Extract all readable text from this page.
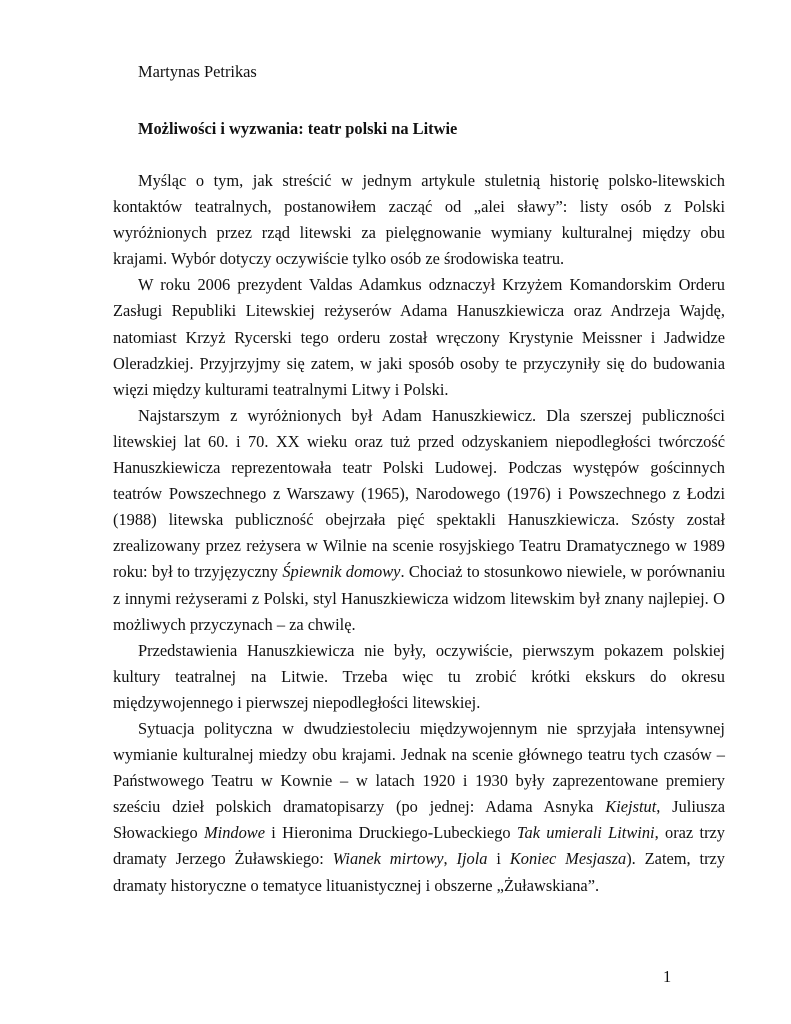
Martynas Petrikas
Możliwości i wyzwania: teatr polski na Litwie

Myśląc o tym, jak streścić w jednym artykule stuletnią historię polsko-litewskich kontaktów teatralnych, postanowiłem zacząć od „alei sławy”: listy osób z Polski wyróżnionych przez rząd litewski za pielęgnowanie wymiany kulturalnej między obu krajami. Wybór dotyczy oczywiście tylko osób ze środowiska teatru.

W roku 2006 prezydent Valdas Adamkus odznaczył Krzyżem Komandorskim Orderu Zasługi Republiki Litewskiej reżyserów Adama Hanuszkiewicza oraz Andrzeja Wajdę, natomiast Krzyż Rycerski tego orderu został wręczony Krystynie Meissner i Jadwidze Oleradzkiej. Przyjrzyjmy się zatem, w jaki sposób osoby te przyczyniły się do budowania więzi między kulturami teatralnymi Litwy i Polski.

Najstarszym z wyróżnionych był Adam Hanuszkiewicz. Dla szerszej publiczności litewskiej lat 60. i 70. XX wieku oraz tuż przed odzyskaniem niepodległości twórczość Hanuszkiewicza reprezentowała teatr Polski Ludowej. Podczas występów gościnnych teatrów Powszechnego z Warszawy (1965), Narodowego (1976) i Powszechnego z Łodzi (1988) litewska publiczność obejrzała pięć spektakli Hanuszkiewicza. Szósty został zrealizowany przez reżysera w Wilnie na scenie rosyjskiego Teatru Dramatycznego w 1989 roku: był to trzyjęzyczny Śpiewnik domowy. Chociaż to stosunkowo niewiele, w porównaniu z innymi reżyserami z Polski, styl Hanuszkiewicza widzom litewskim był znany najlepiej. O możliwych przyczynach – za chwilę.

Przedstawienia Hanuszkiewicza nie były, oczywiście, pierwszym pokazem polskiej kultury teatralnej na Litwie. Trzeba więc tu zrobić krótki ekskurs do okresu międzywojennego i pierwszej niepodległości litewskiej.

Sytuacja polityczna w dwudziestoleciu międzywojennym nie sprzyjała intensywnej wymianie kulturalnej miedzy obu krajami. Jednak na scenie głównego teatru tych czasów – Państwowego Teatru w Kownie – w latach 1920 i 1930 były zaprezentowane premiery sześciu dzieł polskich dramatopisarzy (po jednej: Adama Asnyka Kiejstut, Juliusza Słowackiego Mindowe i Hieronima Druckiego-Lubeckiego Tak umierali Litwini, oraz trzy dramaty Jerzego Żuławskiego: Wianek mirtowy, Ijola i Koniec Mesjasza). Zatem, trzy dramaty historyczne o tematyce lituanistycznej i obszerne „Żuławskiana”.

1
